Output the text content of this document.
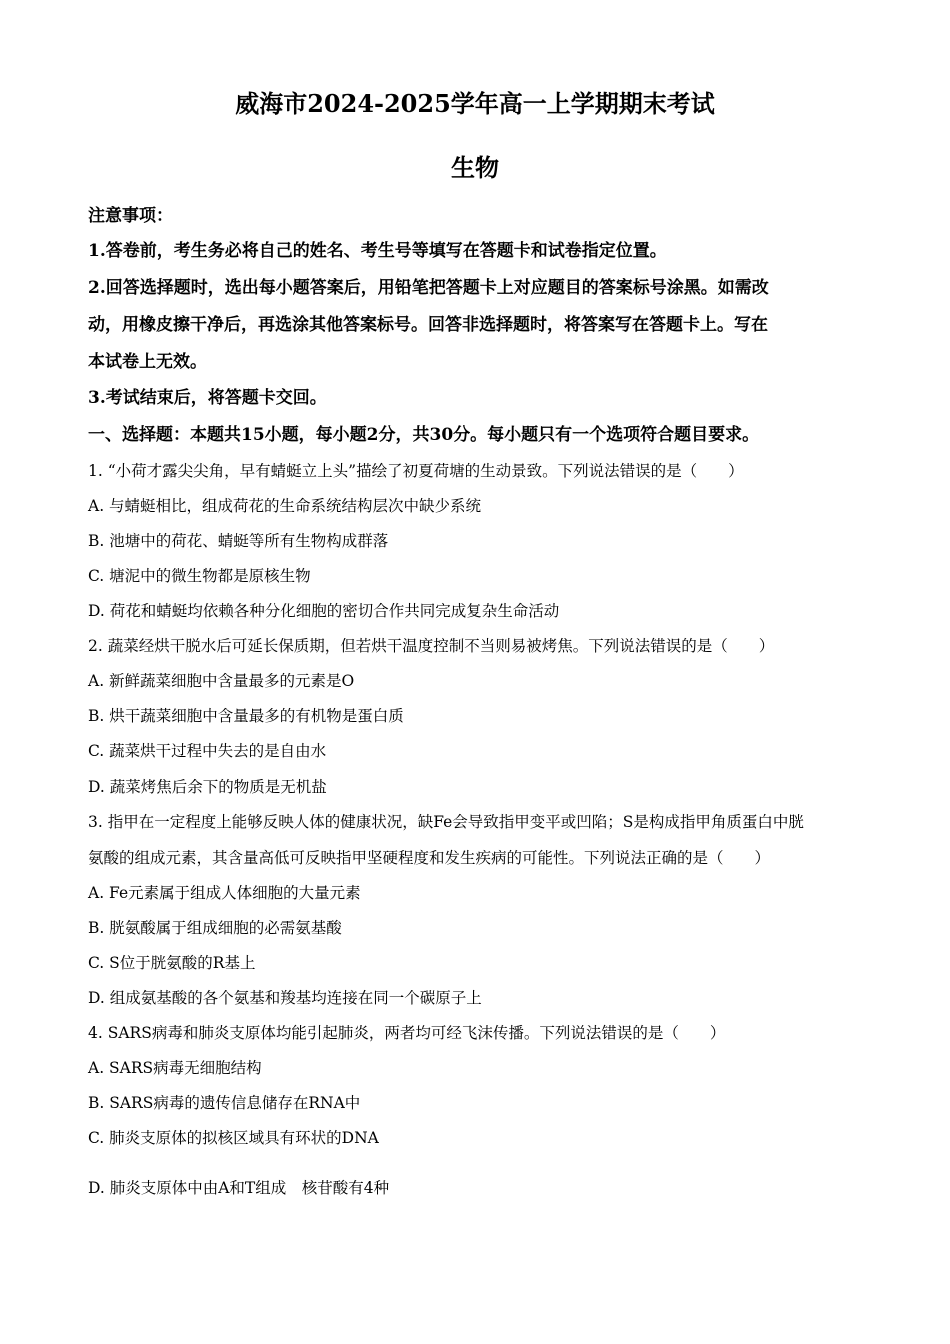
威海市2024-2025学年高一上学期期末考试
生物
注意事项：
1.答卷前，考生务必将自己的姓名、考生号等填写在答题卡和试卷指定位置。
2.回答选择题时，选出每小题答案后，用铅笔把答题卡上对应题目的答案标号涂黑。如需改
动，用橡皮擦干净后，再选涂其他答案标号。回答非选择题时，将答案写在答题卡上。写在
本试卷上无效。
3.考试结束后，将答题卡交回。
一、选择题：本题共15小题，每小题2分，共30分。每小题只有一个选项符合题目要求。
1. “小荷才露尖尖角，早有蜻蜓立上头”描绘了初夏荷塘的生动景致。下列说法错误的是（　　）
A. 与蜻蜓相比，组成荷花的生命系统结构层次中缺少系统
B. 池塘中的荷花、蜻蜓等所有生物构成群落
C. 塘泥中的微生物都是原核生物
D. 荷花和蜻蜓均依赖各种分化细胞的密切合作共同完成复杂生命活动
2. 蔬菜经烘干脱水后可延长保质期，但若烘干温度控制不当则易被烤焦。下列说法错误的是（　　）
A. 新鲜蔬菜细胞中含量最多的元素是O
B. 烘干蔬菜细胞中含量最多的有机物是蛋白质
C. 蔬菜烘干过程中失去的是自由水
D. 蔬菜烤焦后余下的物质是无机盐
3. 指甲在一定程度上能够反映人体的健康状况，缺Fe会导致指甲变平或凹陷；S是构成指甲角质蛋白中胱
氨酸的组成元素，其含量高低可反映指甲坚硬程度和发生疾病的可能性。下列说法正确的是（　　）
A. Fe元素属于组成人体细胞的大量元素
B. 胱氨酸属于组成细胞的必需氨基酸
C. S位于胱氨酸的R基上
D. 组成氨基酸的各个氨基和羧基均连接在同一个碳原子上
4. SARS病毒和肺炎支原体均能引起肺炎，两者均可经飞沫传播。下列说法错误的是（　　）
A. SARS病毒无细胞结构
B. SARS病毒的遗传信息储存在RNA中
C. 肺炎支原体的拟核区域具有环状的DNA
D. 肺炎支原体中由A和T组成　核苷酸有4种
